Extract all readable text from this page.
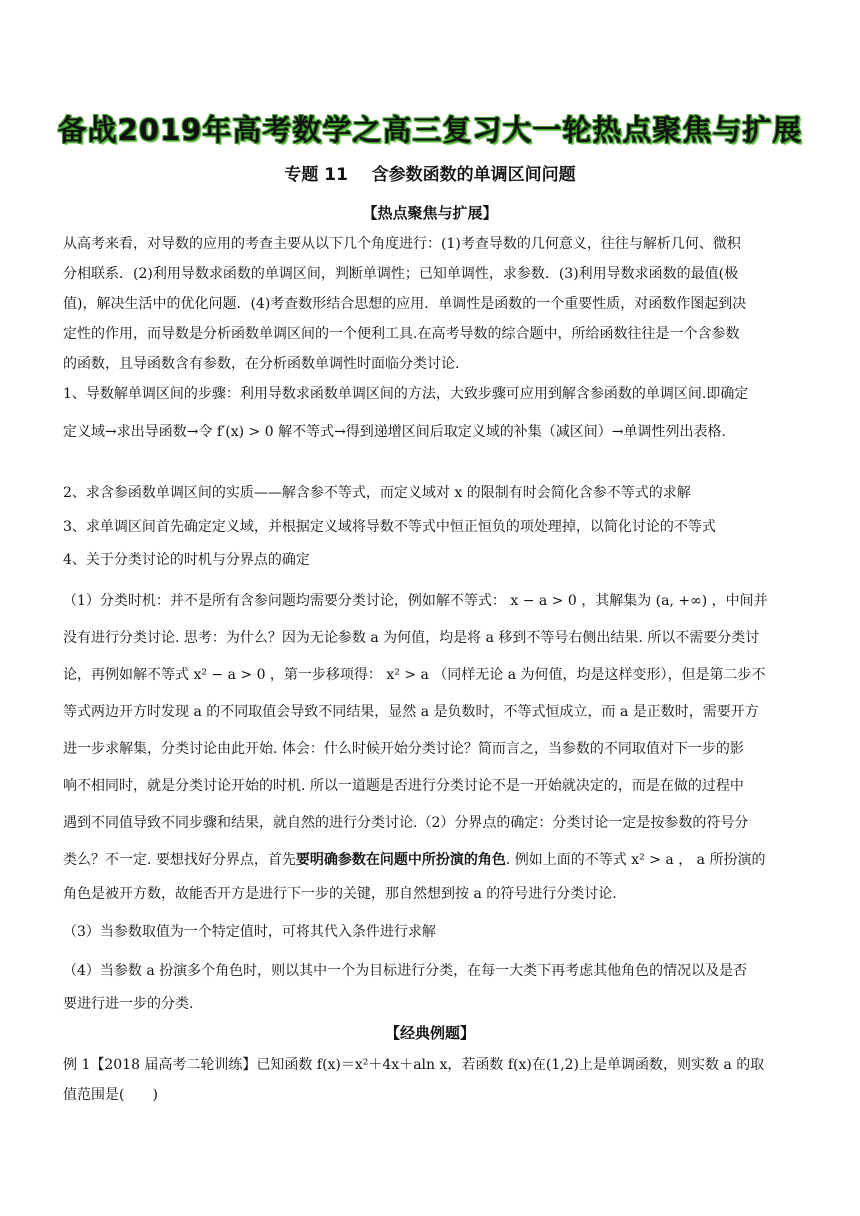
备战2019年高考数学之高三复习大一轮热点聚焦与扩展
专题 11    含参数函数的单调区间问题
【热点聚焦与扩展】
从高考来看，对导数的应用的考查主要从以下几个角度进行：(1)考查导数的几何意义，往往与解析几何、微积
分相联系．(2)利用导数求函数的单调区间，判断单调性；已知单调性，求参数．(3)利用导数求函数的最值(极
值)，解决生活中的优化问题．(4)考查数形结合思想的应用．单调性是函数的一个重要性质，对函数作图起到决
定性的作用，而导数是分析函数单调区间的一个便利工具.在高考导数的综合题中，所给函数往往是一个含参数
的函数，且导函数含有参数，在分析函数单调性时面临分类讨论.
1、导数解单调区间的步骤：利用导数求函数单调区间的方法，大致步骤可应用到解含参函数的单调区间.即确定
定义域→求出导函数→令 f′(x) > 0 解不等式→得到递增区间后取定义域的补集（减区间）→单调性列出表格.
2、求含参函数单调区间的实质——解含参不等式，而定义域对 x 的限制有时会简化含参不等式的求解
3、求单调区间首先确定定义域，并根据定义域将导数不等式中恒正恒负的项处理掉，以简化讨论的不等式
4、关于分类讨论的时机与分界点的确定
（1）分类时机：并不是所有含参问题均需要分类讨论，例如解不等式： x − a > 0 ，其解集为 (a, +∞) ，中间并
没有进行分类讨论. 思考：为什么？因为无论参数 a 为何值，均是将 a 移到不等号右侧出结果. 所以不需要分类讨
论，再例如解不等式 x² − a > 0 ，第一步移项得： x² > a （同样无论 a 为何值，均是这样变形），但是第二步不
等式两边开方时发现 a 的不同取值会导致不同结果，显然 a 是负数时，不等式恒成立，而 a 是正数时，需要开方
进一步求解集，分类讨论由此开始. 体会：什么时候开始分类讨论？简而言之，当参数的不同取值对下一步的影
响不相同时，就是分类讨论开始的时机. 所以一道题是否进行分类讨论不是一开始就决定的，而是在做的过程中
遇到不同值导致不同步骤和结果，就自然的进行分类讨论.（2）分界点的确定：分类讨论一定是按参数的符号分
类么？不一定. 要想找好分界点，首先要明确参数在问题中所扮演的角色. 例如上面的不等式 x² > a ， a 所扮演的
角色是被开方数，故能否开方是进行下一步的关键，那自然想到按 a 的符号进行分类讨论.
（3）当参数取值为一个特定值时，可将其代入条件进行求解
（4）当参数 a 扮演多个角色时，则以其中一个为目标进行分类，在每一大类下再考虑其他角色的情况以及是否
要进行进一步的分类.
【经典例题】
例 1【2018 届高考二轮训练】已知函数 f(x)＝x²＋4x＋aln x，若函数 f(x)在(1,2)上是单调函数，则实数 a 的取
值范围是(　　)
